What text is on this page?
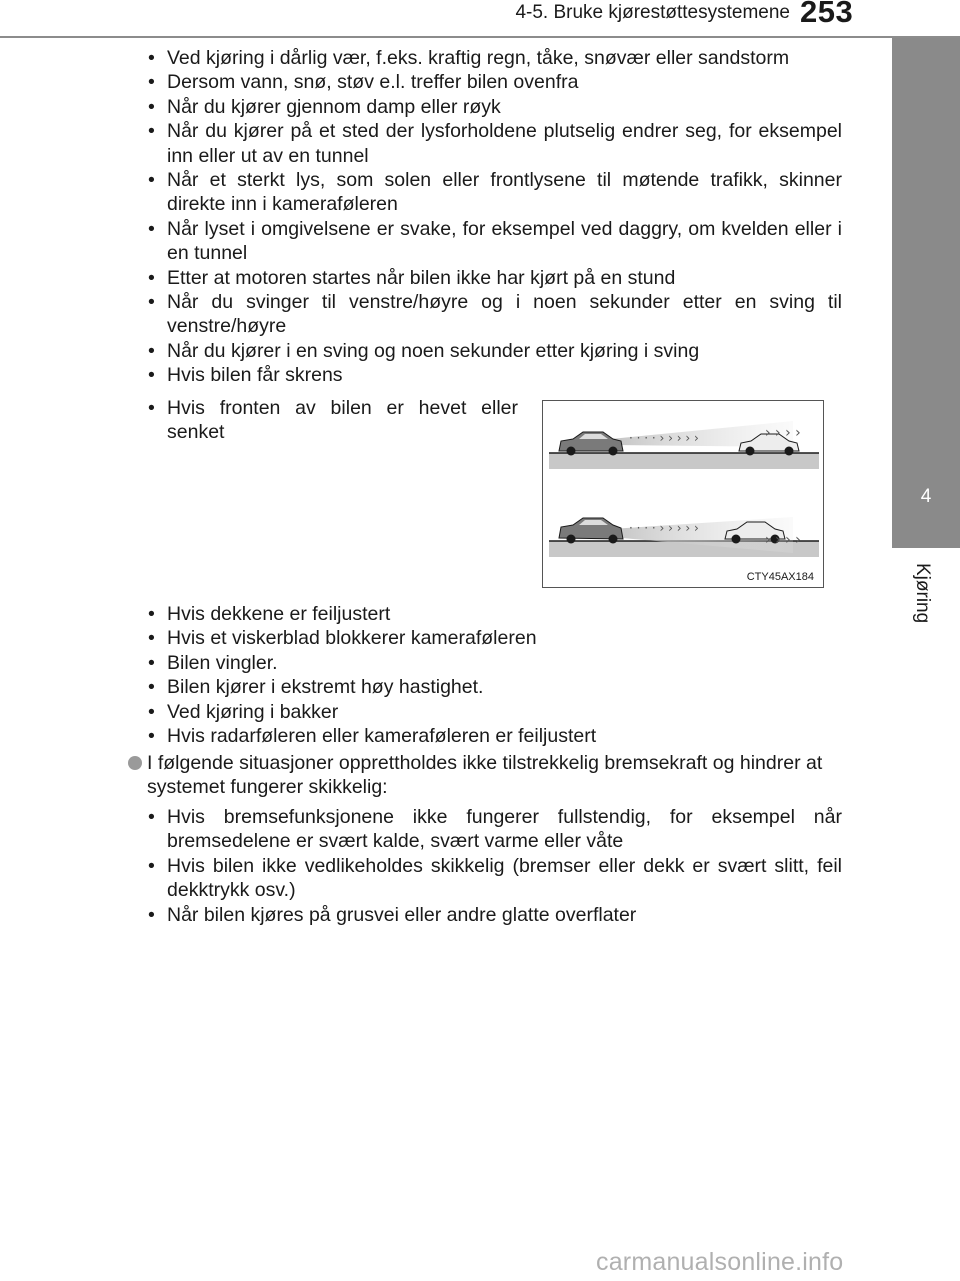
4-5. Bruke kjørestøttesystemene 253
4
Kjøring
• Ved kjøring i dårlig vær, f.eks. kraftig regn, tåke, snøvær eller sandstorm
• Dersom vann, snø, støv e.l. treffer bilen ovenfra
• Når du kjører gjennom damp eller røyk
• Når du kjører på et sted der lysforholdene plutselig endrer seg, for eksempel inn eller ut av en tunnel
• Når et sterkt lys, som solen eller frontlysene til møtende trafikk, skinner direkte inn i kameraføleren
• Når lyset i omgivelsene er svake, for eksempel ved daggry, om kvelden eller i en tunnel
• Etter at motoren startes når bilen ikke har kjørt på en stund
• Når du svinger til venstre/høyre og i noen sekunder etter en sving til venstre/høyre
• Når du kjører i en sving og noen sekunder etter kjøring i sving
• Hvis bilen får skrens
• Hvis fronten av bilen er hevet eller senket	· · · · › › › › ›	› › › ›
· · · · › › › › ›
› › › ›
CTY45AX184
• Hvis dekkene er feiljustert
• Hvis et viskerblad blokkerer kameraføleren
• Bilen vingler.
• Bilen kjører i ekstremt høy hastighet.
• Ved kjøring i bakker
• Hvis radarføleren eller kameraføleren er feiljustert
I følgende situasjoner opprettholdes ikke tilstrekkelig bremsekraft og hindrer at systemet fungerer skikkelig:
• Hvis bremsefunksjonene ikke fungerer fullstendig, for eksempel når bremsedelene er svært kalde, svært varme eller våte
• Hvis bilen ikke vedlikeholdes skikkelig (bremser eller dekk er svært slitt, feil dekktrykk osv.)
• Når bilen kjøres på grusvei eller andre glatte overflater
carmanualsonline.info
